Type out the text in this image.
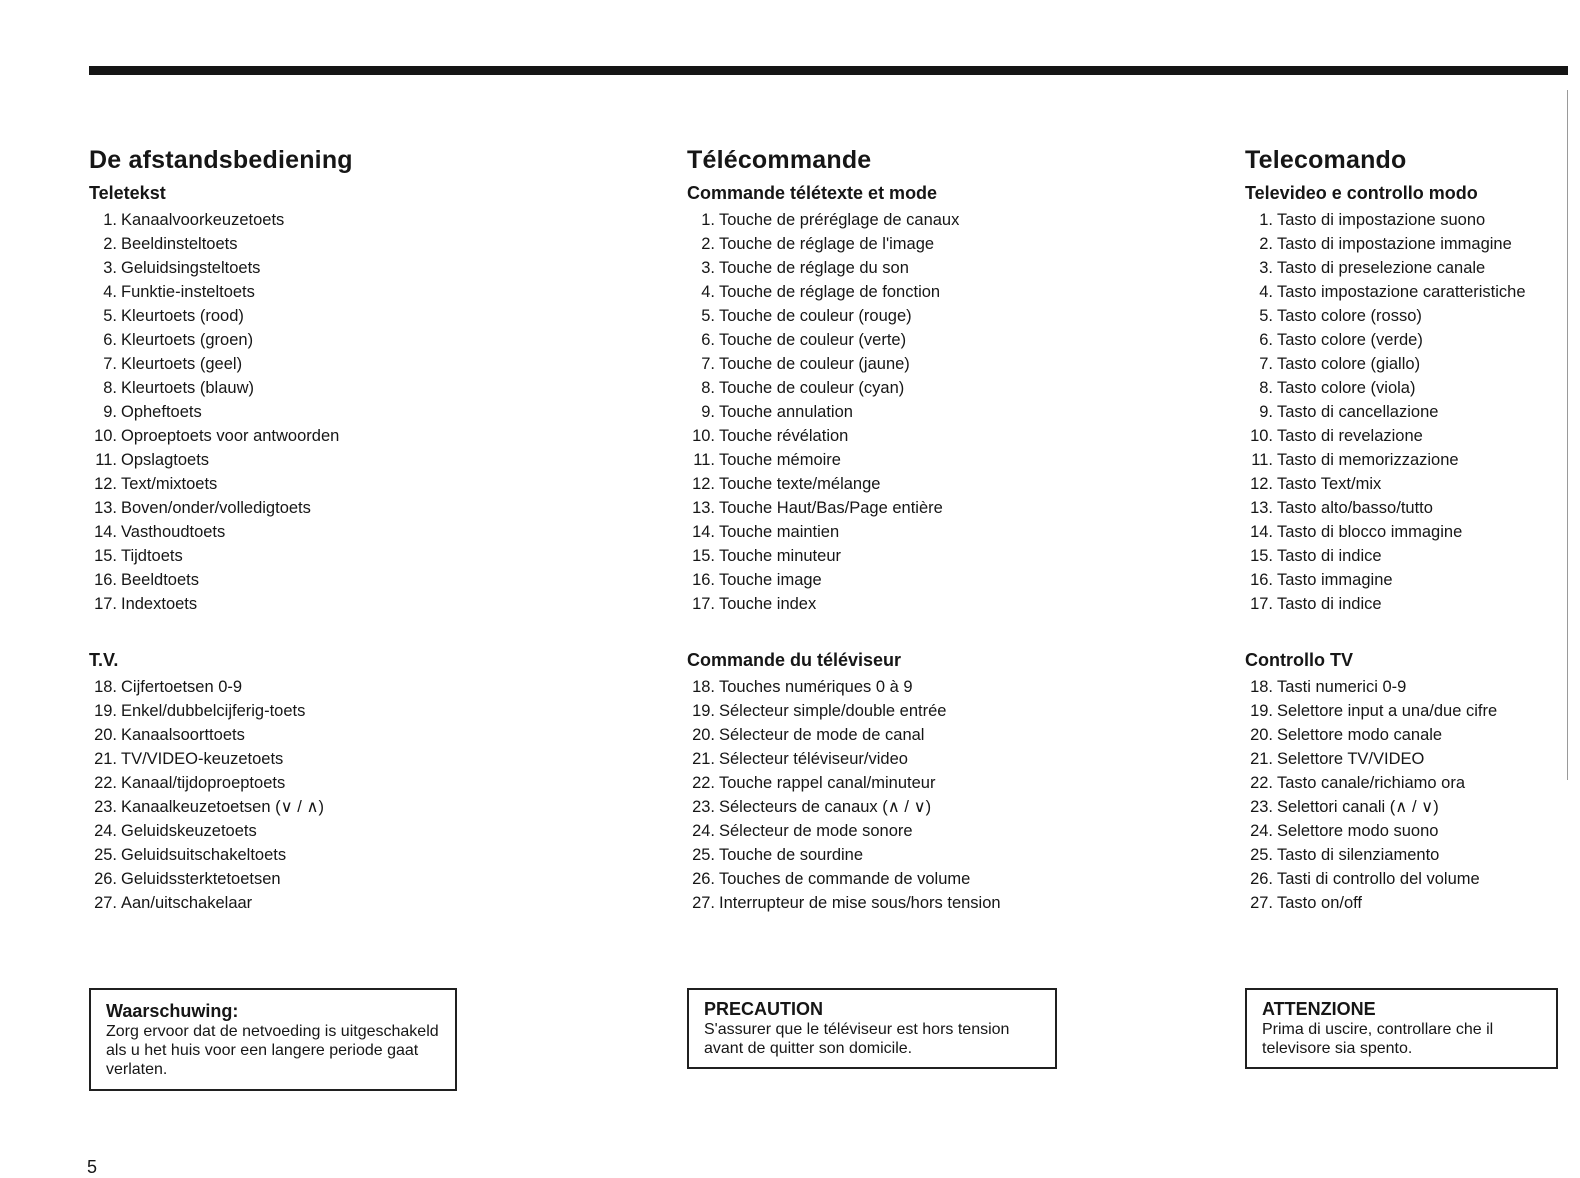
De afstandsbediening
Teletekst
1. Kanaalvoorkeuzetoets
2. Beeldinsteltoets
3. Geluidsingsteltoets
4. Funktie-insteltoets
5. Kleurtoets (rood)
6. Kleurtoets (groen)
7. Kleurtoets (geel)
8. Kleurtoets (blauw)
9. Opheftoets
10. Oproeptoets voor antwoorden
11. Opslagtoets
12. Text/mixtoets
13. Boven/onder/volledigtoets
14. Vasthoudtoets
15. Tijdtoets
16. Beeldtoets
17. Indextoets
T.V.
18. Cijfertoetsen 0-9
19. Enkel/dubbelcijferig-toets
20. Kanaalsoorttoets
21. TV/VIDEO-keuzetoets
22. Kanaal/tijdoproeptoets
23. Kanaalkeuzetoetsen (∨ / ∧)
24. Geluidskeuzetoets
25. Geluidsuitschakeltoets
26. Geluidssterktetoetsen
27. Aan/uitschakelaar
Télécommande
Commande télétexte et mode
1. Touche de préréglage de canaux
2. Touche de réglage de l'image
3. Touche de réglage du son
4. Touche de réglage de fonction
5. Touche de couleur (rouge)
6. Touche de couleur (verte)
7. Touche de couleur (jaune)
8. Touche de couleur (cyan)
9. Touche annulation
10. Touche révélation
11. Touche mémoire
12. Touche texte/mélange
13. Touche Haut/Bas/Page entière
14. Touche maintien
15. Touche minuteur
16. Touche image
17. Touche index
Commande du téléviseur
18. Touches numériques 0 à 9
19. Sélecteur simple/double entrée
20. Sélecteur de mode de canal
21. Sélecteur téléviseur/video
22. Touche rappel canal/minuteur
23. Sélecteurs de canaux (∧ / ∨)
24. Sélecteur de mode sonore
25. Touche de sourdine
26. Touches de commande de volume
27. Interrupteur de mise sous/hors tension
Telecomando
Televideo e controllo modo
1. Tasto di impostazione suono
2. Tasto di impostazione immagine
3. Tasto di preselezione canale
4. Tasto impostazione caratteristiche
5. Tasto colore (rosso)
6. Tasto colore (verde)
7. Tasto colore (giallo)
8. Tasto colore (viola)
9. Tasto di cancellazione
10. Tasto di revelazione
11. Tasto di memorizzazione
12. Tasto Text/mix
13. Tasto alto/basso/tutto
14. Tasto di blocco immagine
15. Tasto di indice
16. Tasto immagine
17. Tasto di indice
Controllo TV
18. Tasti numerici 0-9
19. Selettore input a una/due cifre
20. Selettore modo canale
21. Selettore TV/VIDEO
22. Tasto canale/richiamo ora
23. Selettori canali (∧ / ∨)
24. Selettore modo suono
25. Tasto di silenziamento
26. Tasti di controllo del volume
27. Tasto on/off
Waarschuwing:
Zorg ervoor dat de netvoeding is uitgeschakeld als u het huis voor een langere periode gaat verlaten.
PRECAUTION
S'assurer que le téléviseur est hors tension avant de quitter son domicile.
ATTENZIONE
Prima di uscire, controllare che il televisore sia spento.
5
